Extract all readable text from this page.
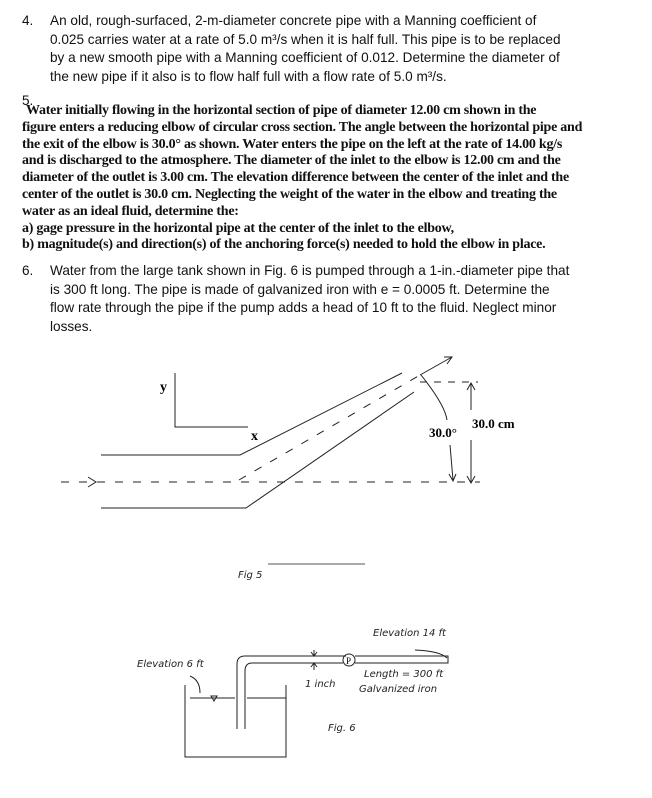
4. An old, rough-surfaced, 2-m-diameter concrete pipe with a Manning coefficient of
0.025 carries water at a rate of 5.0 m³/s when it is half full. This pipe is to be replaced
by a new smooth pipe with a Manning coefficient of 0.012. Determine the diameter of
the new pipe if it also is to flow half full with a flow rate of 5.0 m³/s.
5.
Water initially flowing in the horizontal section of pipe of diameter 12.00 cm shown in the
figure enters a reducing elbow of circular cross section. The angle between the horizontal pipe and
the exit of the elbow is 30.0° as shown. Water enters the pipe on the left at the rate of 14.00 kg/s
and is discharged to the atmosphere. The diameter of the inlet to the elbow is 12.00 cm and the
diameter of the outlet is 3.00 cm. The elevation difference between the center of the inlet and the
center of the outlet is 30.0 cm. Neglecting the weight of the water in the elbow and treating the
water as an ideal fluid, determine the:
a) gage pressure in the horizontal pipe at the center of the inlet to the elbow,
b) magnitude(s) and direction(s) of the anchoring force(s) needed to hold the elbow in place.
6. Water from the large tank shown in Fig. 6 is pumped through a 1-in.-diameter pipe that
is 300 ft long. The pipe is made of galvanized iron with e = 0.0005 ft. Determine the
flow rate through the pipe if the pump adds a head of 10 ft to the fluid. Neglect minor
losses.
y
x	30.0°
30.0 cm
Fig 5
P
Elevation 6 ft
Elevation 14 ft
1 inch
Length = 300 ft
Galvanized iron
Fig. 6
